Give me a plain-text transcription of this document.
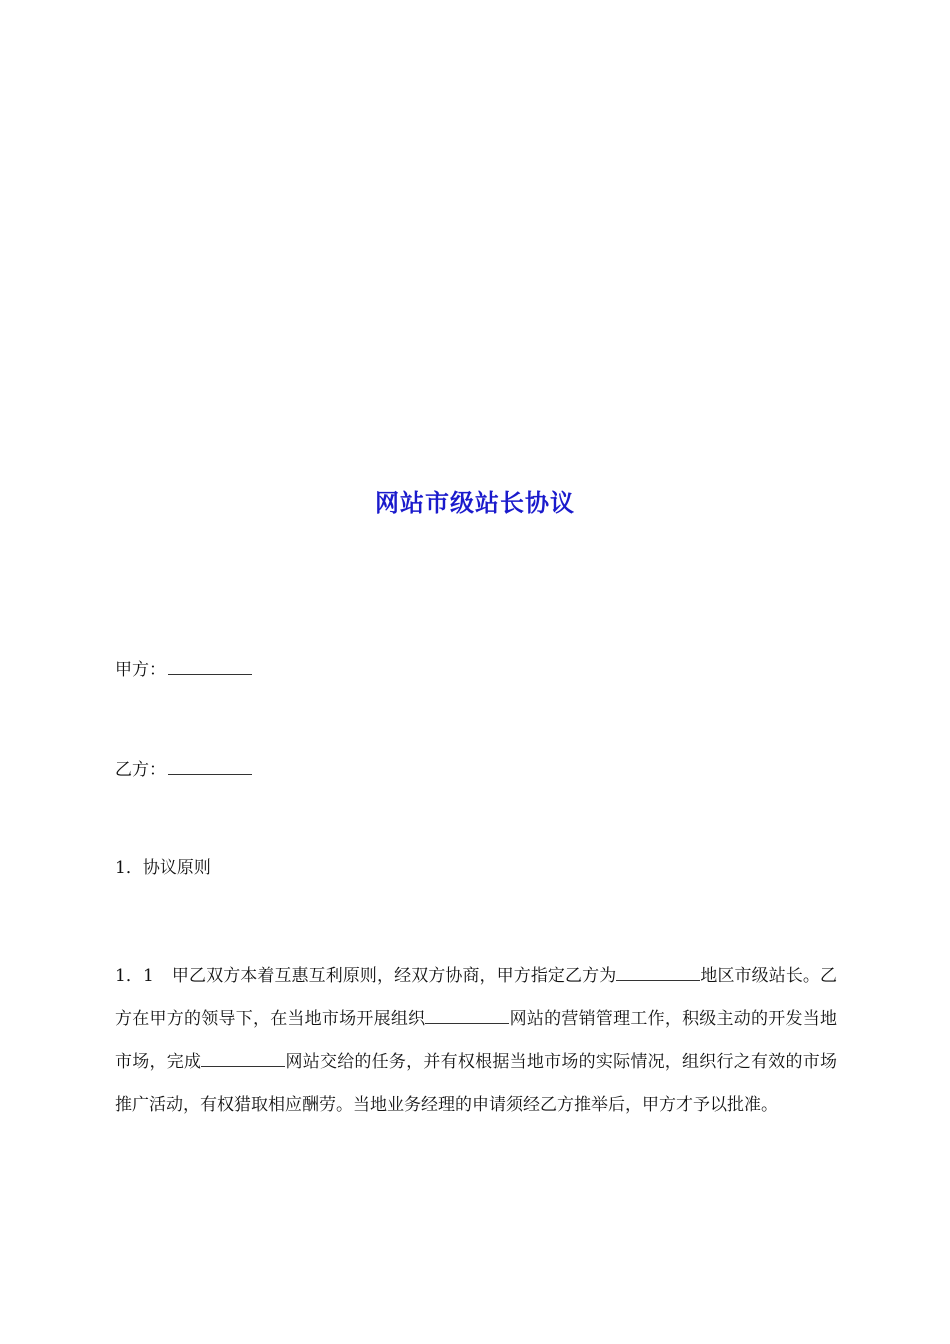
网站市级站长协议
甲方：
乙方：
1．协议原则
1．1 甲乙双方本着互惠互利原则，经双方协商，甲方指定乙方为	地区市级站长。乙方在甲方的领导下，在当地市场开展组织	网站的营销管理工作，积级主动的开发当地市场，完成	网站交给的任务，并有权根据当地市场的实际情况，组织行之有效的市场推广活动，有权猎取相应酬劳。当地业务经理的申请须经乙方推举后，甲方才予以批准。
